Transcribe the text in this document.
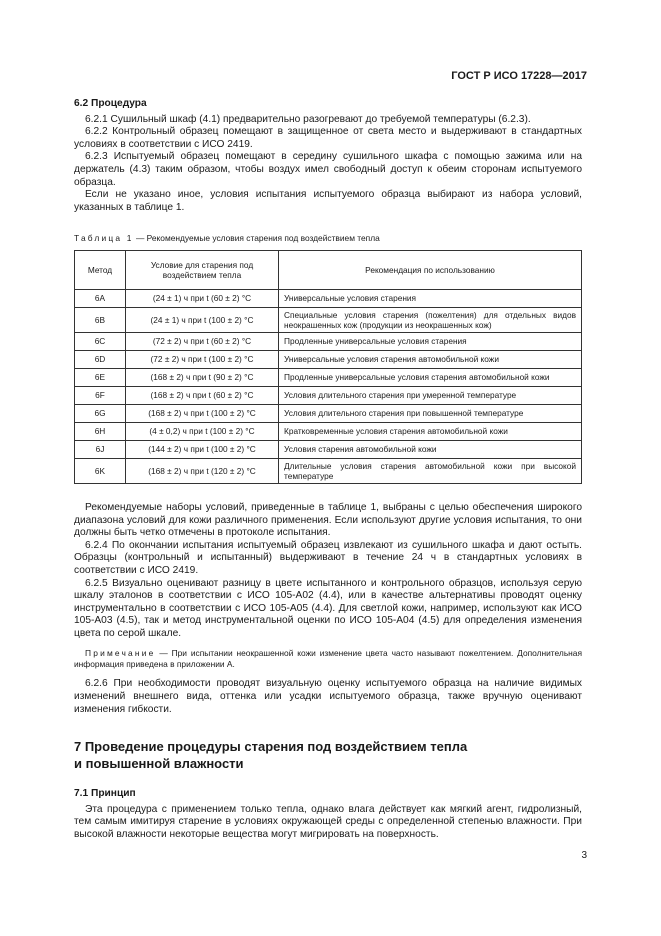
ГОСТ Р ИСО 17228—2017
6.2 Процедура

6.2.1 Сушильный шкаф (4.1) предварительно разогревают до требуемой температуры (6.2.3).

6.2.2 Контрольный образец помещают в защищенное от света место и выдерживают в стандартных условиях в соответствии с ИСО 2419.

6.2.3 Испытуемый образец помещают в середину сушильного шкафа с помощью зажима или на держатель (4.3) таким образом, чтобы воздух имел свободный доступ к обеим сторонам испытуемого образца.

Если не указано иное, условия испытания испытуемого образца выбирают из набора условий, указанных в таблице 1.

Таблица 1 — Рекомендуемые условия старения под воздействием тепла
Метод	Условие для старения под воздействием тепла	Рекомендация по использованию
6A	(24 ± 1) ч при t (60 ± 2) °C	Универсальные условия старения
6B	(24 ± 1) ч при t (100 ± 2) °C	Специальные условия старения (пожелтения) для отдельных видов неокрашенных кож (продукции из неокрашенных кож)
6C	(72 ± 2) ч при t (60 ± 2) °C	Продленные универсальные условия старения
6D	(72 ± 2) ч при t (100 ± 2) °C	Универсальные условия старения автомобильной кожи
6E	(168 ± 2) ч при t (90 ± 2) °C	Продленные универсальные условия старения автомобильной кожи
6F	(168 ± 2) ч при t (60 ± 2) °C	Условия длительного старения при умеренной температуре
6G	(168 ± 2) ч при t (100 ± 2) °C	Условия длительного старения при повышенной температуре
6H	(4 ± 0,2) ч при t (100 ± 2) °C	Кратковременные условия старения автомобильной кожи
6J	(144 ± 2) ч при t (100 ± 2) °C	Условия старения автомобильной кожи
6K	(168 ± 2) ч при t (120 ± 2) °C	Длительные условия старения автомобильной кожи при высокой температуре

Рекомендуемые наборы условий, приведенные в таблице 1, выбраны с целью обеспечения широкого диапазона условий для кожи различного применения. Если используют другие условия испытания, то они должны быть четко отмечены в протоколе испытания.

6.2.4 По окончании испытания испытуемый образец извлекают из сушильного шкафа и дают остыть. Образцы (контрольный и испытанный) выдерживают в течение 24 ч в стандартных условиях в соответствии с ИСО 2419.

6.2.5 Визуально оценивают разницу в цвете испытанного и контрольного образцов, используя серую шкалу эталонов в соответствии с ИСО 105-А02 (4.4), или в качестве альтернативы проводят оценку инструментально в соответствии с ИСО 105-А05 (4.4). Для светлой кожи, например, используют как ИСО 105-А03 (4.5), так и метод инструментальной оценки по ИСО 105-А04 (4.5) для определения изменения цвета по серой шкале.

Примечание — При испытании неокрашенной кожи изменение цвета часто называют пожелтением. Дополнительная информация приведена в приложении А.

6.2.6 При необходимости проводят визуальную оценку испытуемого образца на наличие видимых изменений внешнего вида, оттенка или усадки испытуемого образца, также вручную оценивают изменения гибкости.

7 Проведение процедуры старения под воздействием тепла
и повышенной влажности
7.1 Принцип

Эта процедура с применением только тепла, однако влага действует как мягкий агент, гидролизный, тем самым имитируя старение в условиях окружающей среды с определенной степенью влажности. При высокой влажности некоторые вещества могут мигрировать на поверхность.

3
